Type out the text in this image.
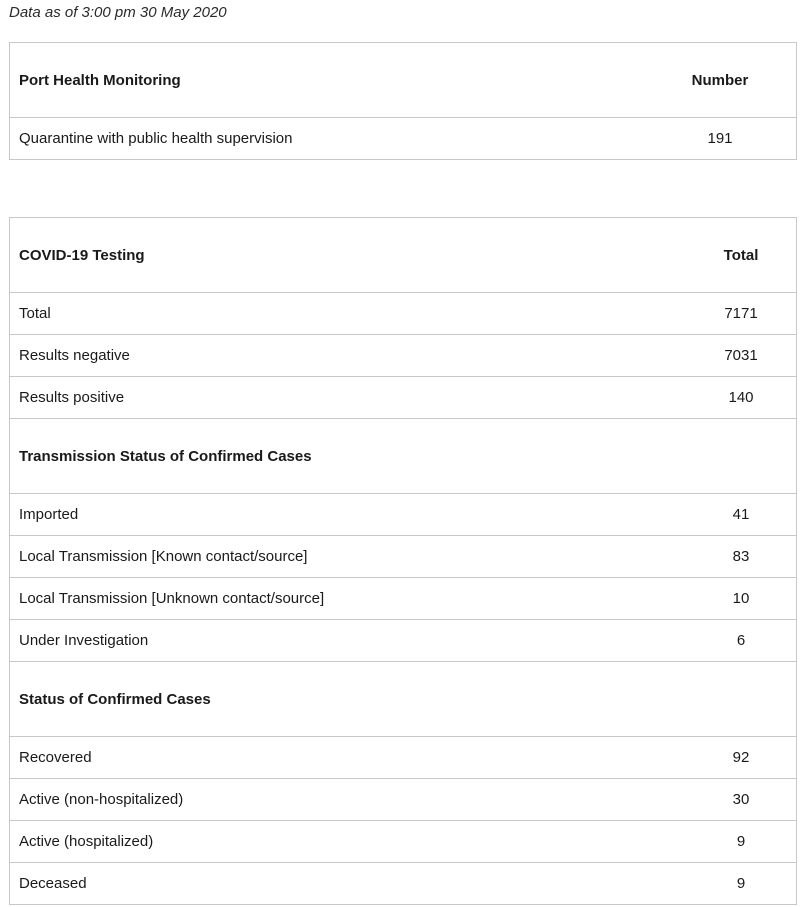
Data as of 3:00 pm 30 May 2020
Port Health Monitoring	Number
Quarantine with public health supervision	191
COVID-19 Testing	Total
Total	7171
Results negative	7031
Results positive	140
Transmission Status of Confirmed Cases	
Imported	41
Local Transmission [Known contact/source]	83
Local Transmission [Unknown contact/source]	10
Under Investigation	6
Status of Confirmed Cases	
Recovered	92
Active (non-hospitalized)	30
Active (hospitalized)	9
Deceased	9
